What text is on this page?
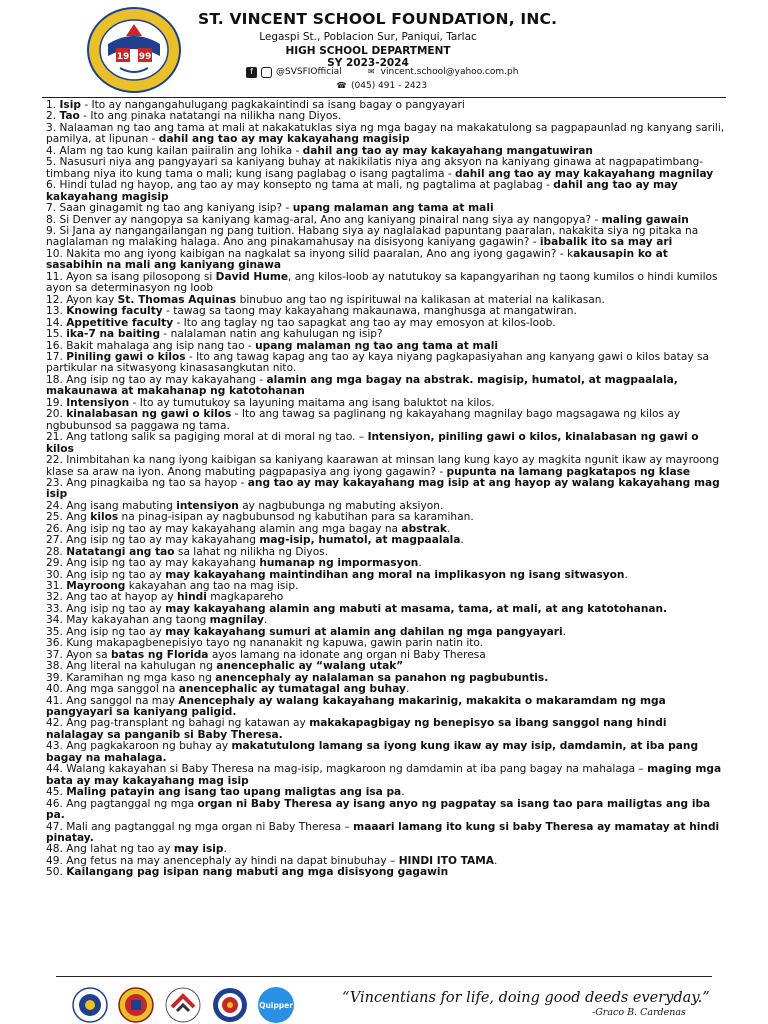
19 99
ST. VINCENT SCHOOL FOUNDATION, INC.
Legaspi St., Poblacion Sur, Paniqui, Tarlac
HIGH SCHOOL DEPARTMENT
SY 2023-2024
f	@SVSFIOfficial	✉ vincent.school@yahoo.com.ph
☎ (045) 491 - 2423

1. Isip - Ito ay nangangahulugang pagkakaintindi sa isang bagay o pangyayari

2. Tao - Ito ang pinaka natatangi na nilikha nang Diyos.

3. Nalaaman ng tao ang tama at mali at nakakatuklas siya ng mga bagay na makakatulong sa pagpapaunlad ng kanyang sarili, pamilya, at lipunan - dahil ang tao ay may kakayahang magisip

4. Alam ng tao kung kailan paiiralin ang lohika - dahil ang tao ay may kakayahang mangatuwiran

5. Nasusuri niya ang pangyayari sa kaniyang buhay at nakikilatis niya ang aksyon na kaniyang ginawa at nagpapatimbang-timbang niya ito kung tama o mali; kung isang paglabag o isang pagtalima - dahil ang tao ay may kakayahang magnilay

6. Hindi tulad ng hayop, ang tao ay may konsepto ng tama at mali, ng pagtalima at paglabag - dahil ang tao ay may kakayahang magisip

7. Saan ginagamit ng tao ang kaniyang isip? - upang malaman ang tama at mali

8. Si Denver ay nangopya sa kaniyang kamag-aral, Ano ang kaniyang pinairal nang siya ay nangopya? - maling gawain

9. Si Jana ay nangangailangan ng pang tuition. Habang siya ay naglalakad papuntang paaralan, nakakita siya ng pitaka na naglalaman ng malaking halaga. Ano ang pinakamahusay na disisyong kaniyang gagawin? - ibabalik ito sa may ari

10. Nakita mo ang iyong kaibigan na nagkalat sa inyong silid paaralan, Ano ang iyong gagawin? - kakausapin ko at sasabihin na mali ang kaniyang ginawa

11. Ayon sa isang pilosopong si David Hume, ang kilos-loob ay natutukoy sa kapangyarihan ng taong kumilos o hindi kumilos ayon sa determinasyon ng loob

12. Ayon kay St. Thomas Aquinas binubuo ang tao ng ispirituwal na kalikasan at material na kalikasan.

13. Knowing faculty - tawag sa taong may kakayahang makaunawa, manghusga at mangatwiran.

14. Appetitive faculty - Ito ang taglay ng tao sapagkat ang tao ay may emosyon at kilos-loob.

15. ika-7 na baiting - nalalaman natin ang kahulugan ng isip?

16. Bakit mahalaga ang isip nang tao - upang malaman ng tao ang tama at mali

17. Piniling gawi o kilos - Ito ang tawag kapag ang tao ay kaya niyang pagkapasiyahan ang kanyang gawi o kilos batay sa partikular na sitwasyong kinasasangkutan nito.

18. Ang isip ng tao ay may kakayahang - alamin ang mga bagay na abstrak. magisip, humatol, at magpaalala, makaunawa at makahanap ng katotohanan

19. Intensiyon - Ito ay tumutukoy sa layuning maitama ang isang baluktot na kilos.

20. kinalabasan ng gawi o kilos - Ito ang tawag sa paglinang ng kakayahang magnilay bago magsagawa ng kilos ay ngbubunsod sa paggawa ng tama.

21. Ang tatlong salik sa pagiging moral at di moral ng tao. – Intensiyon, piniling gawi o kilos, kinalabasan ng gawi o kilos

22. Inimbitahan ka nang iyong kaibigan sa kaniyang kaarawan at minsan lang kung kayo ay magkita ngunit ikaw ay mayroong klase sa araw na iyon. Anong mabuting pagpapasiya ang iyong gagawin? - pupunta na lamang pagkatapos ng klase

23. Ang pinagkaiba ng tao sa hayop - ang tao ay may kakayahang mag isip at ang hayop ay walang kakayahang mag isip

24. Ang isang mabuting intensiyon ay nagbubunga ng mabuting aksiyon.

25. Ang kilos na pinag-isipan ay nagbubunsod ng kabutihan para sa karamihan.

26. Ang isip ng tao ay may kakayahang alamin ang mga bagay na abstrak.

27. Ang isip ng tao ay may kakayahang mag-isip, humatol, at magpaalala.

28. Natatangi ang tao sa lahat ng nilikha ng Diyos.

29. Ang isip ng tao ay may kakayahang humanap ng impormasyon.

30. Ang isip ng tao ay may kakayahang maintindihan ang moral na implikasyon ng isang sitwasyon.

31. Mayroong kakayahan ang tao na mag isip.

32. Ang tao at hayop ay hindi magkapareho

33. Ang isip ng tao ay may kakayahang alamin ang mabuti at masama, tama, at mali, at ang katotohanan.

34. May kakayahan ang taong magnilay.

35. Ang isip ng tao ay may kakayahang sumuri at alamin ang dahilan ng mga pangyayari.

36. Kung makapagbenepisiyo tayo ng nananakit ng kapuwa, gawin parin natin ito.

37. Ayon sa batas ng Florida ayos lamang na idonate ang organ ni Baby Theresa

38. Ang literal na kahulugan ng anencephalic ay “walang utak”

39. Karamihan ng mga kaso ng anencephaly ay nalalaman sa panahon ng pagbubuntis.

40. Ang mga sanggol na anencephalic ay tumatagal ang buhay.

41. Ang sanggol na may Anencephaly ay walang kakayahang makarinig, makakita o makaramdam ng mga pangyayari sa kaniyang paligid.

42. Ang pag-transplant ng bahagi ng katawan ay makakapagbigay ng benepisyo sa ibang sanggol nang hindi nalalagay sa panganib si Baby Theresa.

43. Ang pagkakaroon ng buhay ay makatutulong lamang sa iyong kung ikaw ay may isip, damdamin, at iba pang bagay na mahalaga.

44. Walang kakayahan si Baby Theresa na mag-isip, magkaroon ng damdamin at iba pang bagay na mahalaga – maging mga bata ay may kakayahang mag isip

45. Maling patayin ang isang tao upang maligtas ang isa pa.

46. Ang pagtanggal ng mga organ ni Baby Theresa ay isang anyo ng pagpatay sa isang tao para mailigtas ang iba pa.

47. Mali ang pagtanggal ng mga organ ni Baby Theresa – maaari lamang ito kung si baby Theresa ay mamatay at hindi pinatay.

48. Ang lahat ng tao ay may isip.

49. Ang fetus na may anencephaly ay hindi na dapat binubuhay – HINDI ITO TAMA.

50. Kailangang pag isipan nang mabuti ang mga disisyong gagawin

Quipper	“Vincentians for life, doing good deeds everyday.”
-Graco B. Cardenas
